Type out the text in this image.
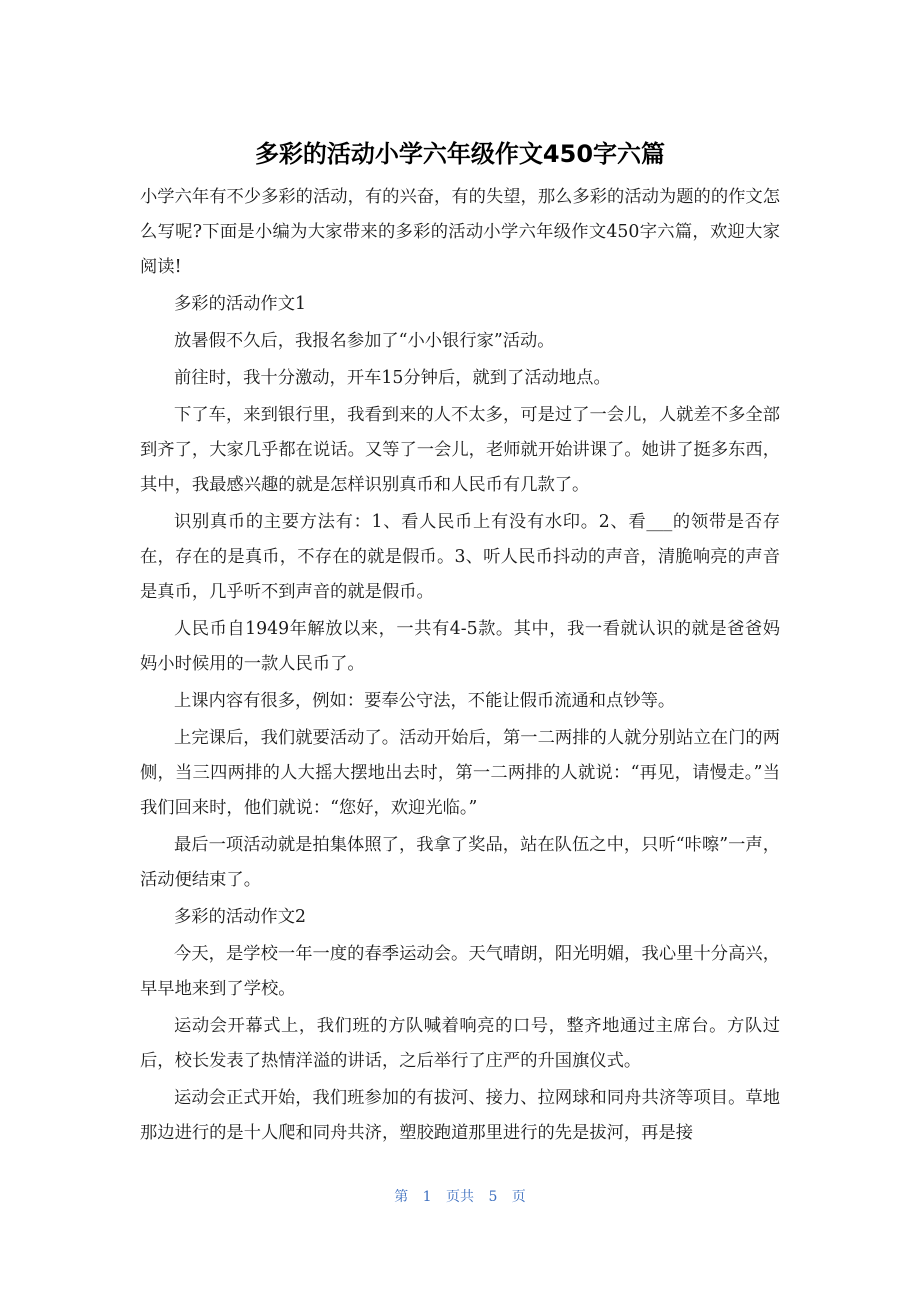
多彩的活动小学六年级作文450字六篇

小学六年有不少多彩的活动，有的兴奋，有的失望，那么多彩的活动为题的的作文怎么写呢?下面是小编为大家带来的多彩的活动小学六年级作文450字六篇，欢迎大家阅读!

多彩的活动作文1

放暑假不久后，我报名参加了“小小银行家”活动。

前往时，我十分激动，开车15分钟后，就到了活动地点。

下了车，来到银行里，我看到来的人不太多，可是过了一会儿，人就差不多全部到齐了，大家几乎都在说话。又等了一会儿，老师就开始讲课了。她讲了挺多东西，其中，我最感兴趣的就是怎样识别真币和人民币有几款了。

识别真币的主要方法有：1、看人民币上有没有水印。2、看___的领带是否存在，存在的是真币，不存在的就是假币。3、听人民币抖动的声音，清脆响亮的声音是真币，几乎听不到声音的就是假币。

人民币自1949年解放以来，一共有4-5款。其中，我一看就认识的就是爸爸妈妈小时候用的一款人民币了。

上课内容有很多，例如：要奉公守法，不能让假币流通和点钞等。

上完课后，我们就要活动了。活动开始后，第一二两排的人就分别站立在门的两侧，当三四两排的人大摇大摆地出去时，第一二两排的人就说：“再见，请慢走。”当我们回来时，他们就说：“您好，欢迎光临。”

最后一项活动就是拍集体照了，我拿了奖品，站在队伍之中，只听“咔嚓”一声，活动便结束了。

多彩的活动作文2

今天，是学校一年一度的春季运动会。天气晴朗，阳光明媚，我心里十分高兴，早早地来到了学校。

运动会开幕式上，我们班的方队喊着响亮的口号，整齐地通过主席台。方队过后，校长发表了热情洋溢的讲话，之后举行了庄严的升国旗仪式。

运动会正式开始，我们班参加的有拔河、接力、拉网球和同舟共济等项目。草地那边进行的是十人爬和同舟共济，塑胶跑道那里进行的先是拔河，再是接

第 1 页共 5 页
